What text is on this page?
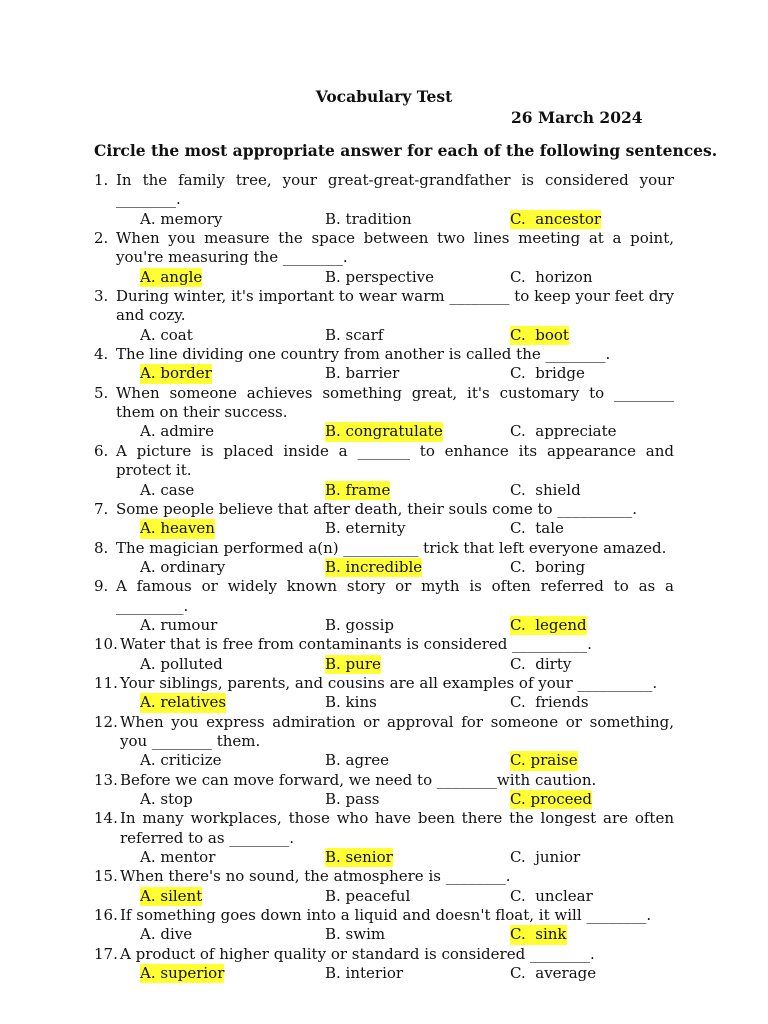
Vocabulary Test
26 March 2024
Circle the most appropriate answer for each of the following sentences.
1. In the family tree, your great-great-grandfather is considered your ________.
A. memory	B. tradition	C.  ancestor
2. When you measure the space between two lines meeting at a point, you're measuring the ________.
A. angle	B. perspective	C.  horizon
3. During winter, it's important to wear warm ________ to keep your feet dry and cozy.
A. coat	B. scarf	C.  boot
4. The line dividing one country from another is called the ________.
A. border	B. barrier	C.  bridge
5. When someone achieves something great, it's customary to ________ them on their success.
A. admire	B. congratulate	C.  appreciate
6. A picture is placed inside a _______ to enhance its appearance and protect it.
A. case	B. frame	C.  shield
7. Some people believe that after death, their souls come to __________.
A. heaven	B. eternity	C.  tale
8. The magician performed a(n) __________ trick that left everyone amazed.
A. ordinary	B. incredible	C.  boring
9. A famous or widely known story or myth is often referred to as a _________.
A. rumour	B. gossip	C.  legend
10. Water that is free from contaminants is considered __________.
A. polluted	B. pure	C.  dirty
11. Your siblings, parents, and cousins are all examples of your __________.
A. relatives	B. kins	C.  friends
12. When you express admiration or approval for someone or something, you ________ them.
A. criticize	B. agree	C. praise
13. Before we can move forward, we need to ________with caution.
A. stop	B. pass	C. proceed
14. In many workplaces, those who have been there the longest are often referred to as ________.
A. mentor	B. senior	C.  junior
15. When there's no sound, the atmosphere is ________.
A. silent	B. peaceful	C.  unclear
16. If something goes down into a liquid and doesn't float, it will ________.
A. dive	B. swim	C.  sink
17. A product of higher quality or standard is considered ________.
A. superior	B. interior	C.  average
